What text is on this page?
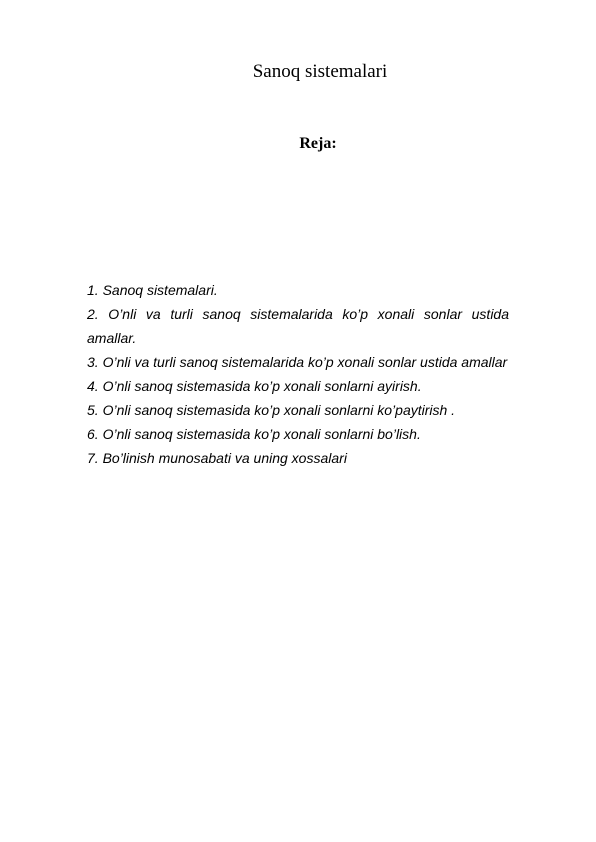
Sanoq sistemalari
Reja:
1. Sanoq sistemalari.
2. O’nli va turli sanoq sistemalarida ko’p xonali sonlar ustida amallar.
3. O’nli va turli sanoq sistemalarida ko’p xonali sonlar ustida amallar
4. O’nli sanoq sistemasida ko’p xonali sonlarni ayirish.
5. O’nli sanoq sistemasida ko’p xonali sonlarni ko’paytirish .
6. O’nli sanoq sistemasida ko’p xonali sonlarni bo’lish.
7. Bo’linish munosabati va uning xossalari
